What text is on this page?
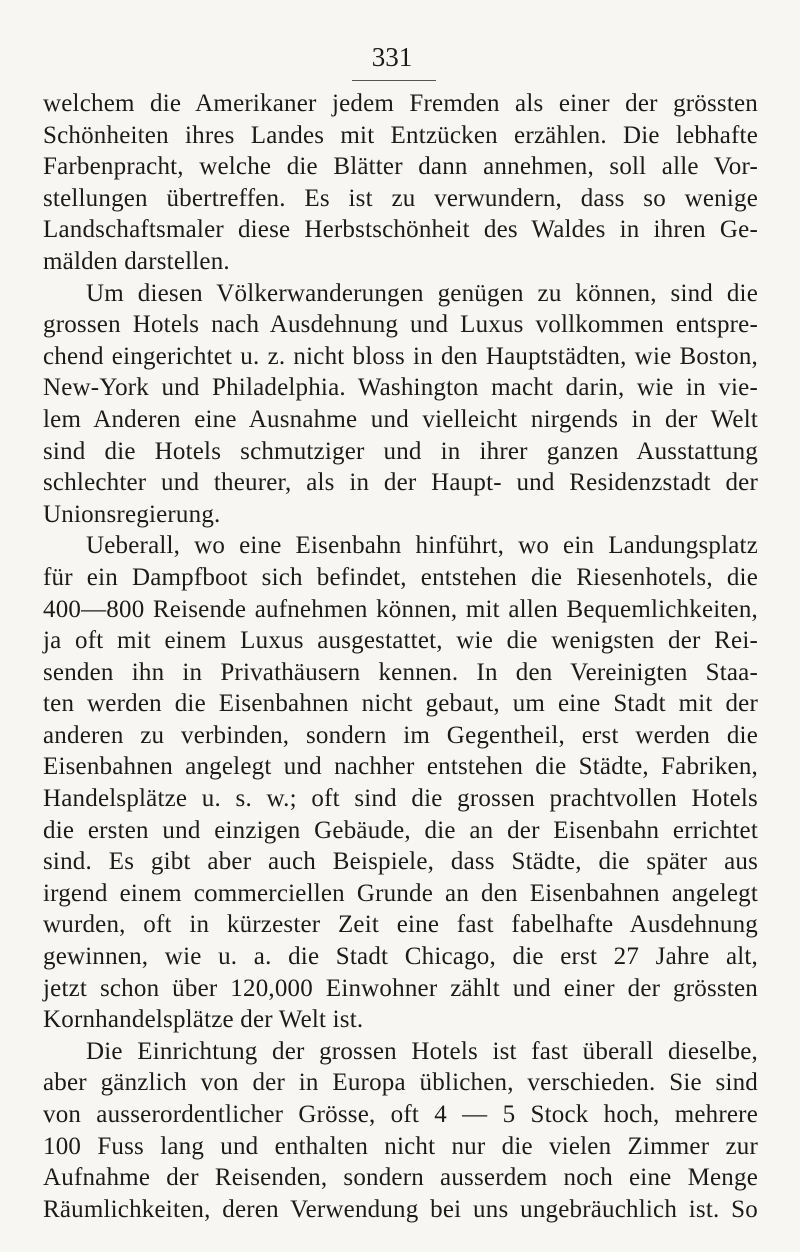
331
welchem die Amerikaner jedem Fremden als einer der grössten
Schönheiten ihres Landes mit Entzücken erzählen. Die lebhafte
Farbenpracht, welche die Blätter dann annehmen, soll alle Vor-
stellungen übertreffen. Es ist zu verwundern, dass so wenige
Landschaftsmaler diese Herbstschönheit des Waldes in ihren Ge-
mälden darstellen.
Um diesen Völkerwanderungen genügen zu können, sind die
grossen Hotels nach Ausdehnung und Luxus vollkommen entspre-
chend eingerichtet u. z. nicht bloss in den Hauptstädten, wie Boston,
New-York und Philadelphia. Washington macht darin, wie in vie-
lem Anderen eine Ausnahme und vielleicht nirgends in der Welt
sind die Hotels schmutziger und in ihrer ganzen Ausstattung
schlechter und theurer, als in der Haupt- und Residenzstadt der
Unionsregierung.
Ueberall, wo eine Eisenbahn hinführt, wo ein Landungsplatz
für ein Dampfboot sich befindet, entstehen die Riesenhotels, die
400—800 Reisende aufnehmen können, mit allen Bequemlichkeiten,
ja oft mit einem Luxus ausgestattet, wie die wenigsten der Rei-
senden ihn in Privathäusern kennen. In den Vereinigten Staa-
ten werden die Eisenbahnen nicht gebaut, um eine Stadt mit der
anderen zu verbinden, sondern im Gegentheil, erst werden die
Eisenbahnen angelegt und nachher entstehen die Städte, Fabriken,
Handelsplätze u. s. w.; oft sind die grossen prachtvollen Hotels
die ersten und einzigen Gebäude, die an der Eisenbahn errichtet
sind. Es gibt aber auch Beispiele, dass Städte, die später aus
irgend einem commerciellen Grunde an den Eisenbahnen angelegt
wurden, oft in kürzester Zeit eine fast fabelhafte Ausdehnung
gewinnen, wie u. a. die Stadt Chicago, die erst 27 Jahre alt,
jetzt schon über 120,000 Einwohner zählt und einer der grössten
Kornhandelsplätze der Welt ist.
Die Einrichtung der grossen Hotels ist fast überall dieselbe,
aber gänzlich von der in Europa üblichen, verschieden. Sie sind
von ausserordentlicher Grösse, oft 4 — 5 Stock hoch, mehrere
100 Fuss lang und enthalten nicht nur die vielen Zimmer zur
Aufnahme der Reisenden, sondern ausserdem noch eine Menge
Räumlichkeiten, deren Verwendung bei uns ungebräuchlich ist. So
